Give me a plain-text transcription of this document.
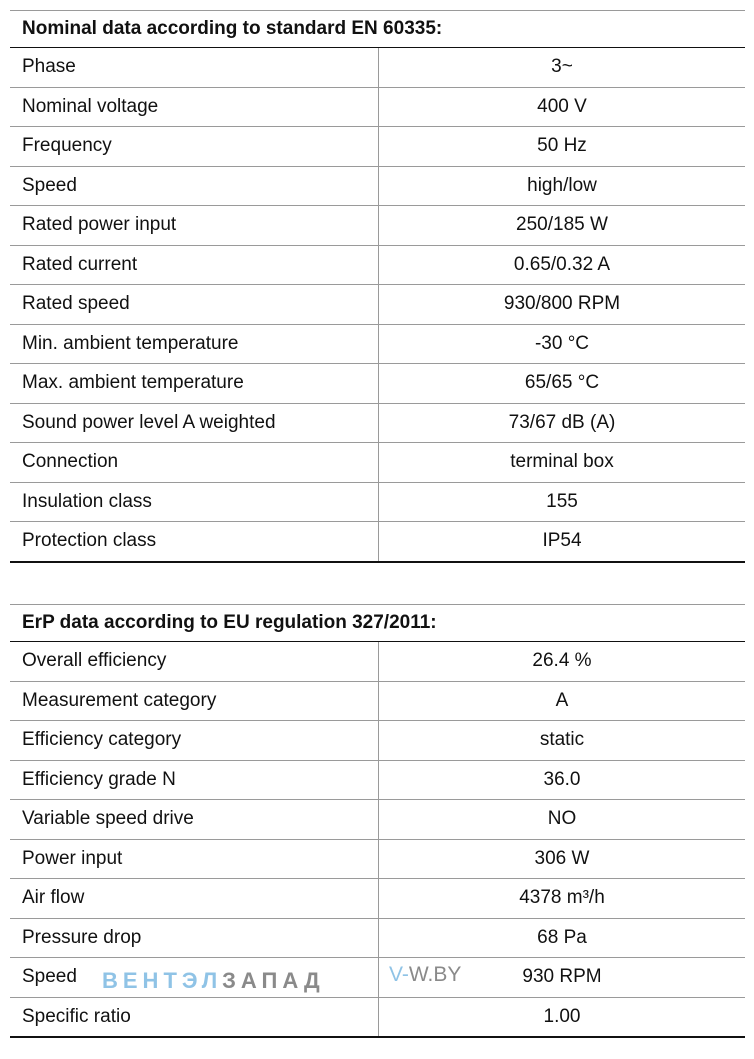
Nominal data according to standard EN 60335:	
Phase	3~
Nominal voltage	400 V
Frequency	50 Hz
Speed	high/low
Rated power input	250/185 W
Rated current	0.65/0.32 A
Rated speed	930/800 RPM
Min. ambient temperature	-30 °C
Max. ambient temperature	65/65 °C
Sound power level A weighted	73/67 dB (A)
Connection	terminal box
Insulation class	155
Protection class	IP54
ErP data according to EU regulation 327/2011:	
Overall efficiency	26.4 %
Measurement category	A
Efficiency category	static
Efficiency grade N	36.0
Variable speed drive	NO
Power input	306 W
Air flow	4378 m³/h
Pressure drop	68 Pa
Speed	930 RPM
Specific ratio	1.00
ВЕНТЭЛЗАПАД	V-W.BY
